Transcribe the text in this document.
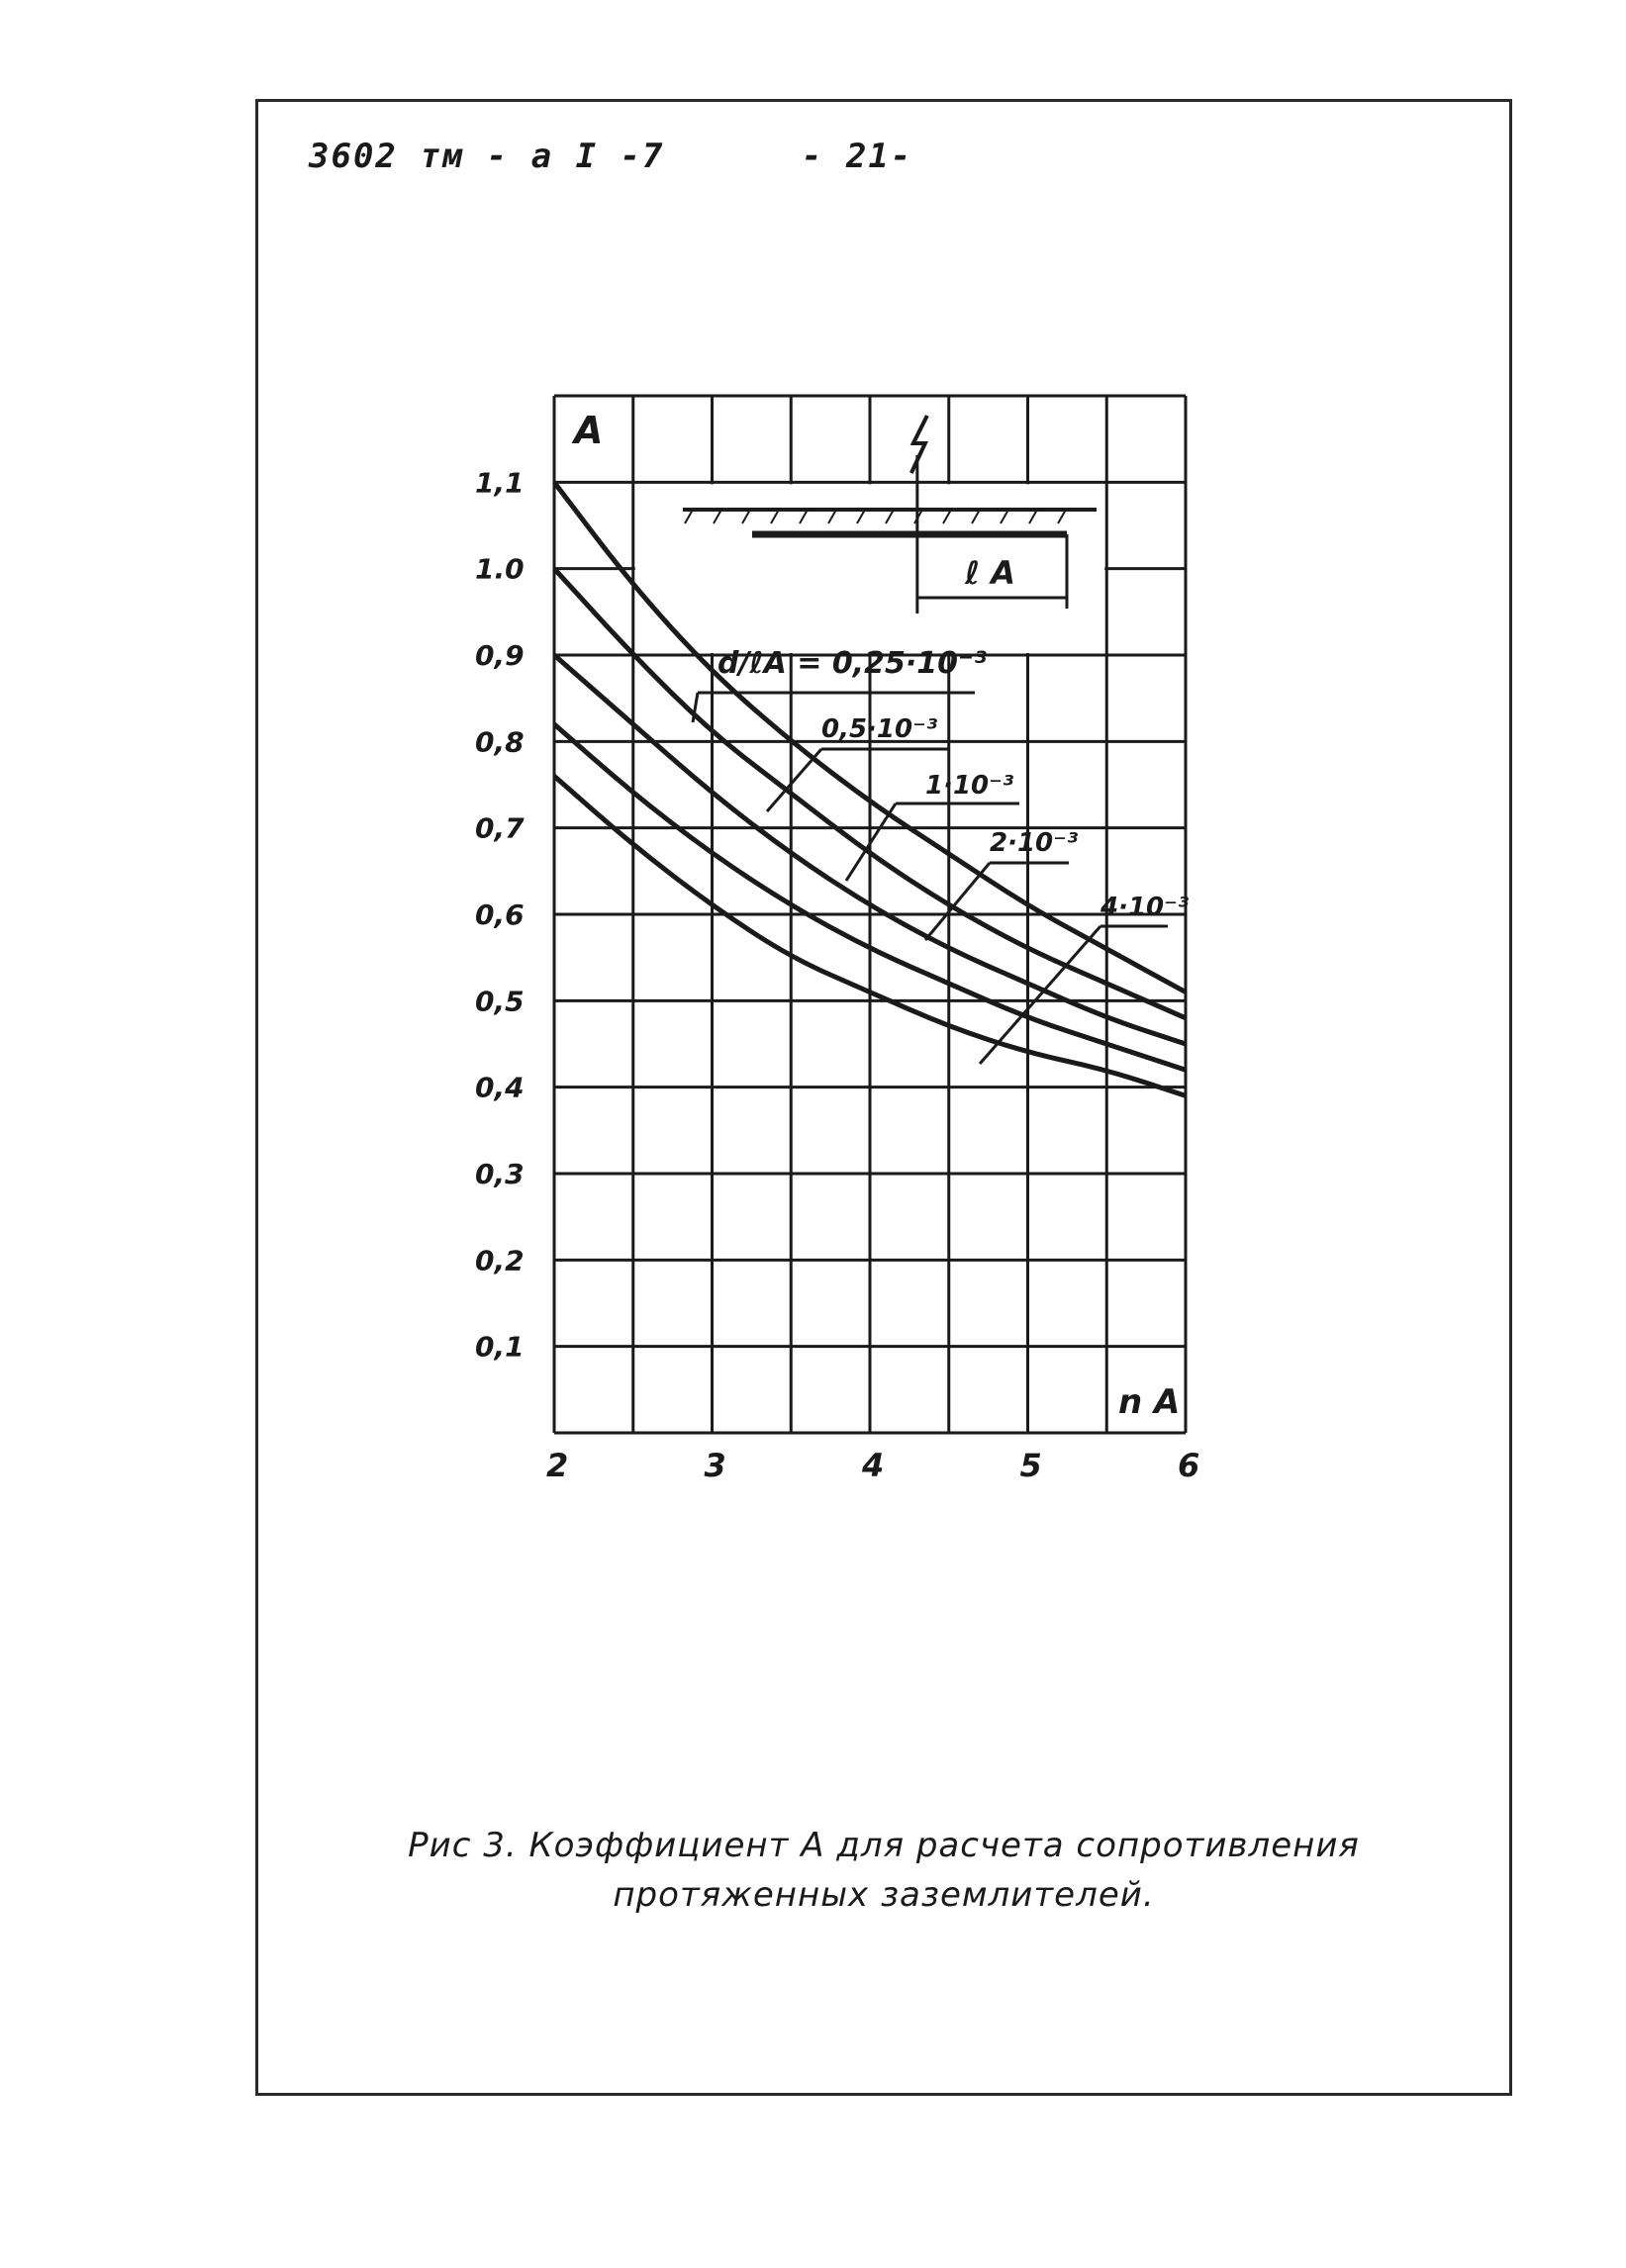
3602 тм - а I -7	- 21-
ℓ A
d/ℓA = 0,25·10⁻³
0,5·10⁻³
1·10⁻³
2·10⁻³
4·10⁻³
A
n A
0,1
0,2
0,3
0,4
0,5
0,6
0,7
0,8
0,9
1.0
1,1
2	3	4	5	6
Рис 3. Коэффициент А для расчета сопротивления
протяженных заземлителей.
